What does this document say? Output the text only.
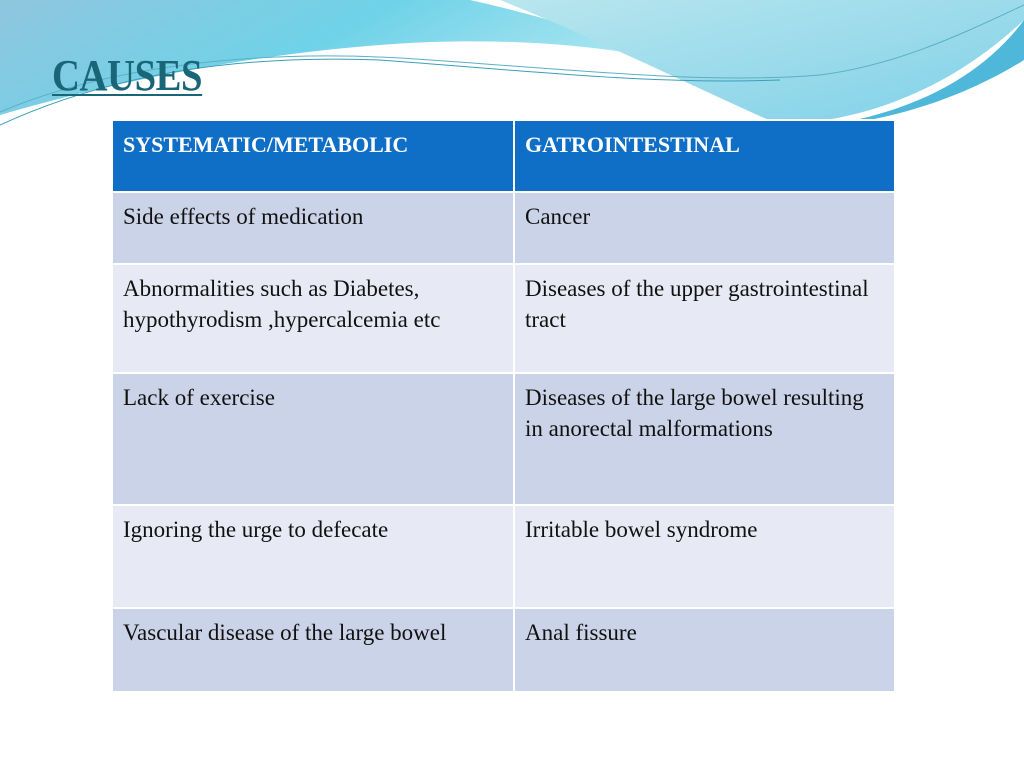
CAUSES
SYSTEMATIC/METABOLIC	GATROINTESTINAL
Side effects of medication	Cancer
Abnormalities such as Diabetes, hypothyrodism ,hypercalcemia etc	Diseases of the upper gastrointestinal tract
Lack of exercise	Diseases of the large bowel resulting in anorectal malformations
Ignoring the urge to defecate	Irritable bowel syndrome
Vascular disease of the large bowel	Anal fissure
